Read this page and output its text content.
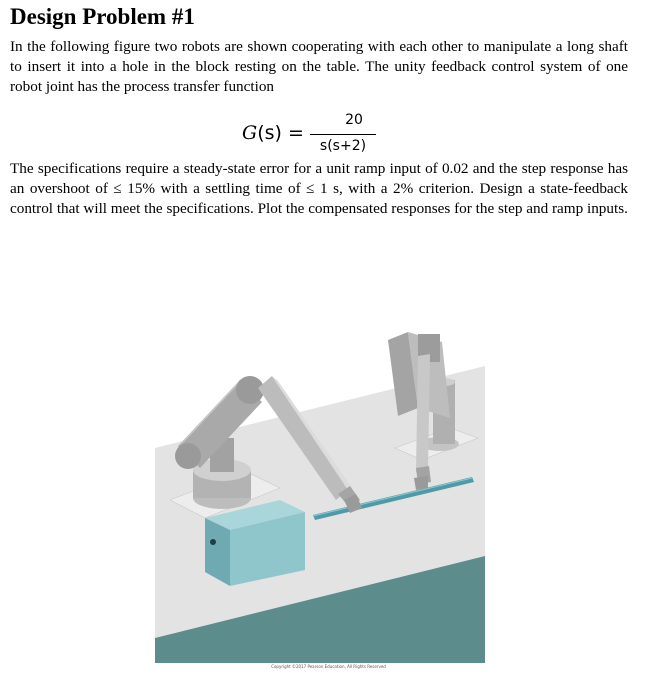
Design Problem #1

In the following figure two robots are shown cooperating with each other to manipulate a long shaft to insert it into a hole in the block resting on the table. The unity feedback control system of one robot joint has the process transfer function

G(s) =
20
s(s+2)

The specifications require a steady-state error for a unit ramp input of 0.02 and the step response has an overshoot of ≤ 15% with a settling time of ≤ 1 s, with a 2% criterion. Design a state-feedback control that will meet the specifications. Plot the compensated responses for the step and ramp inputs.

Copyright ©2017 Pearson Education, All Rights Reserved
